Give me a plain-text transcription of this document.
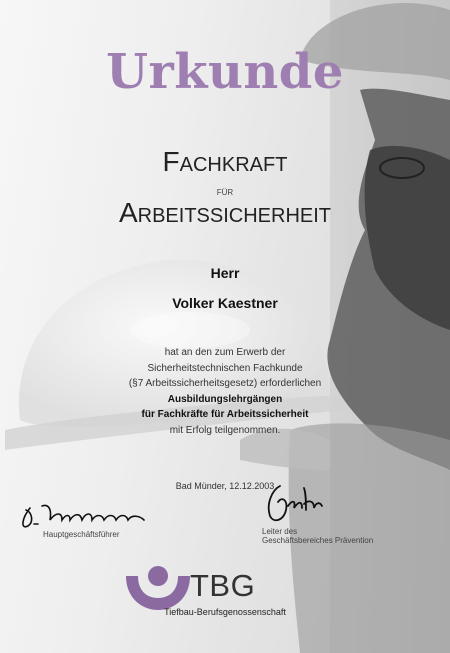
Urkunde
Fachkraft
für
Arbeitssicherheit
Herr
Volker Kaestner
hat an den zum Erwerb der
Sicherheitstechnischen Fachkunde
(§7 Arbeitssicherheitsgesetz) erforderlichen
Ausbildungslehrgängen
für Fachkräfte für Arbeitssicherheit
mit Erfolg teilgenommen.
Bad Münder, 12.12.2003
Hauptgeschäftsführer	Leiter des
Geschäftsbereiches Prävention
TBG
Tiefbau-Berufsgenossenschaft
